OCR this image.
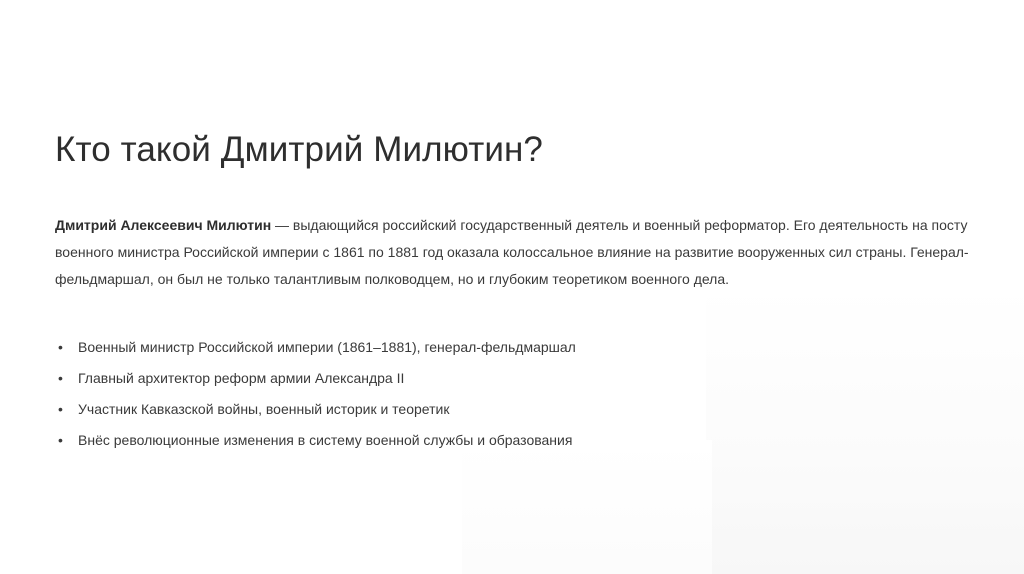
Кто такой Дмитрий Милютин?

Дмитрий Алексеевич Милютин — выдающийся российский государственный деятель и военный реформатор. Его деятельность на посту военного министра Российской империи с 1861 по 1881 год оказала колоссальное влияние на развитие вооруженных сил страны. Генерал-фельдмаршал, он был не только талантливым полководцем, но и глубоким теоретиком военного дела.

•	Военный министр Российской империи (1861–1881), генерал-фельдмаршал
•	Главный архитектор реформ армии Александра II
•	Участник Кавказской войны, военный историк и теоретик
•	Внёс революционные изменения в систему военной службы и образования
